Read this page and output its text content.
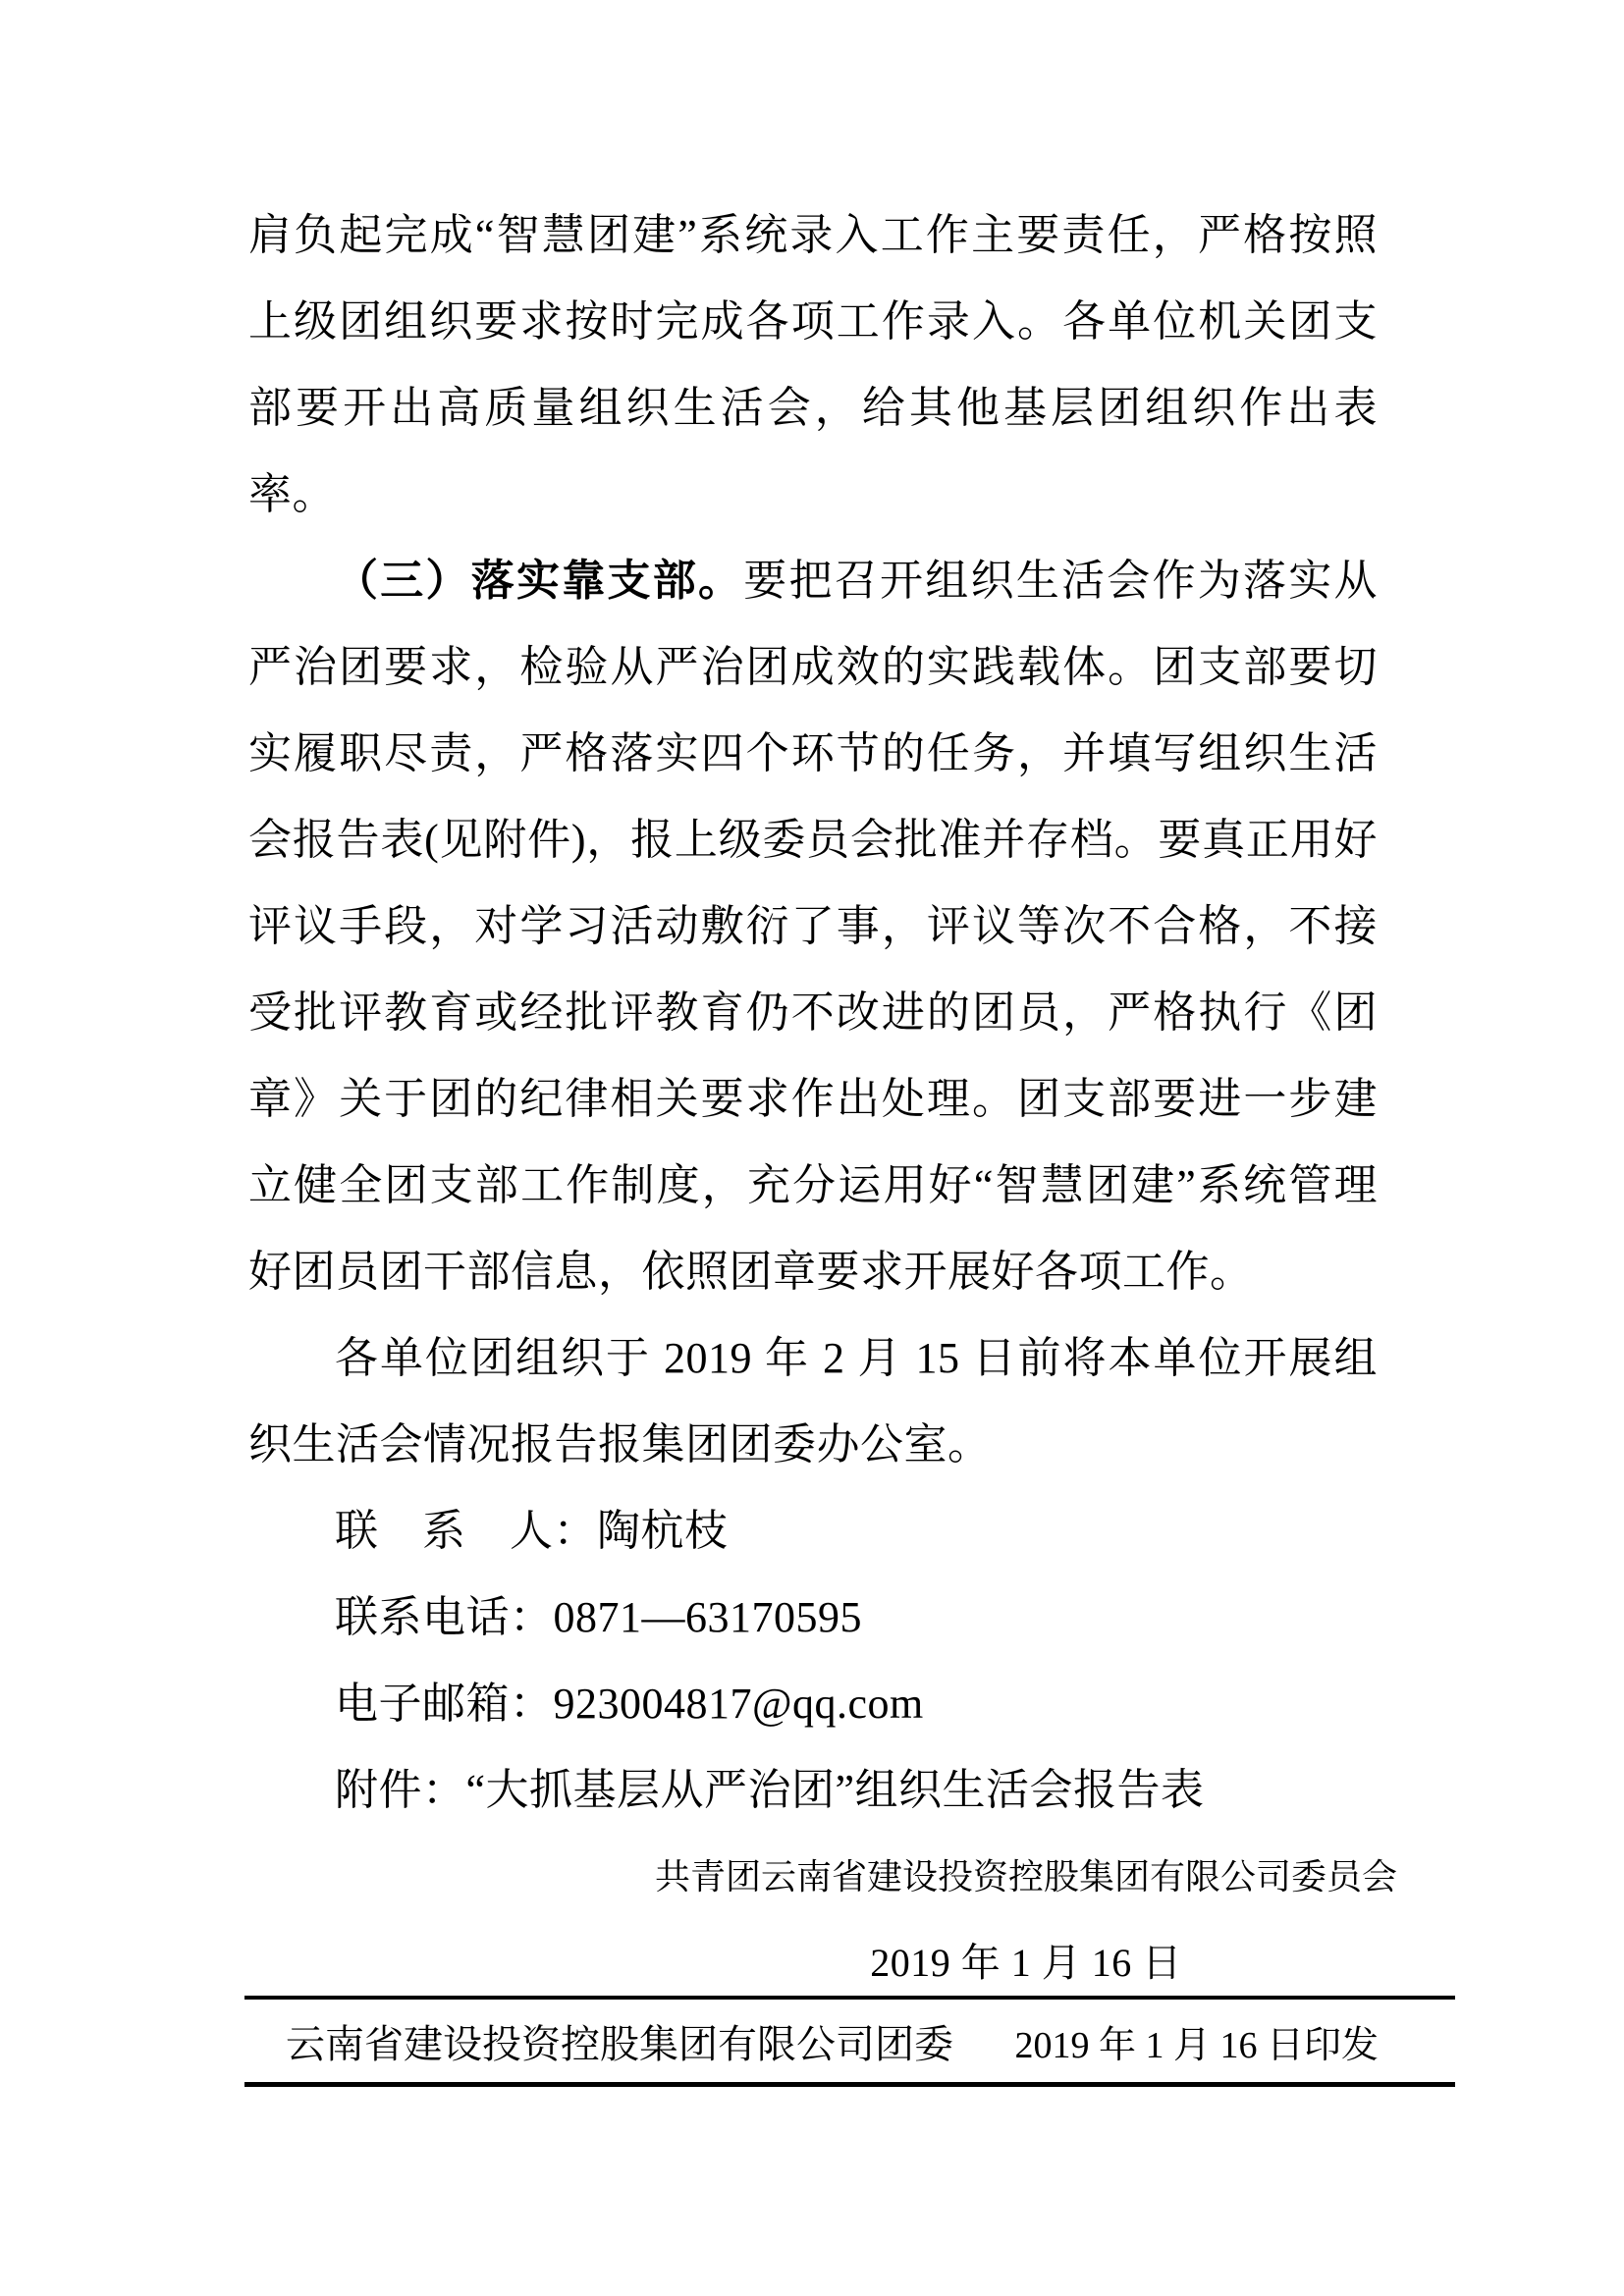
肩负起完成“智慧团建”系统录入工作主要责任，严格按照上级团组织要求按时完成各项工作录入。各单位机关团支部要开出高质量组织生活会，给其他基层团组织作出表率。

（三）落实靠支部。要把召开组织生活会作为落实从严治团要求，检验从严治团成效的实践载体。团支部要切实履职尽责，严格落实四个环节的任务，并填写组织生活会报告表(见附件)，报上级委员会批准并存档。要真正用好评议手段，对学习活动敷衍了事，评议等次不合格，不接受批评教育或经批评教育仍不改进的团员，严格执行《团章》关于团的纪律相关要求作出处理。团支部要进一步建立健全团支部工作制度，充分运用好“智慧团建”系统管理好团员团干部信息，依照团章要求开展好各项工作。

各单位团组织于 2019 年 2 月 15 日前将本单位开展组织生活会情况报告报集团团委办公室。

联　系　人：陶杭枝

联系电话：0871—63170595

电子邮箱：923004817@qq.com

附件：“大抓基层从严治团”组织生活会报告表

共青团云南省建设投资控股集团有限公司委员会
2019 年 1 月 16 日
云南省建设投资控股集团有限公司团委 2019 年 1 月 16 日印发
